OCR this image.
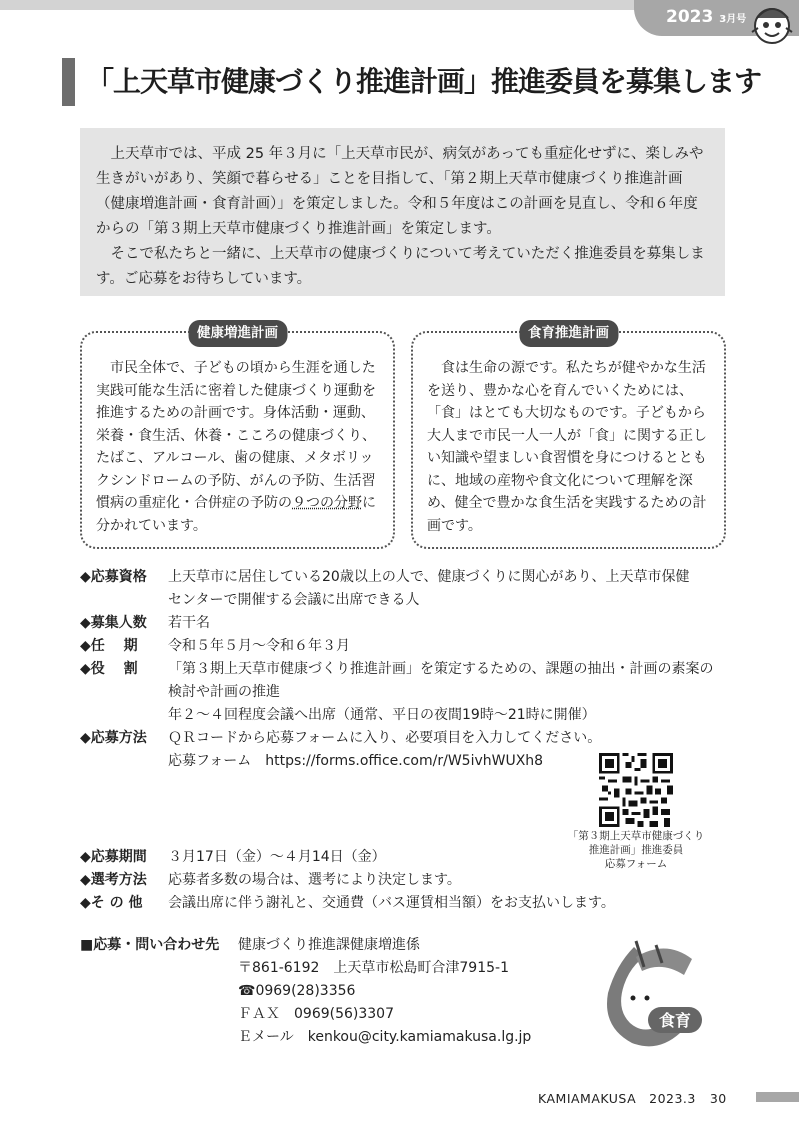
2023 3月号
「上天草市健康づくり推進計画」推進委員を募集します

上天草市では、平成 25 年３月に「上天草市民が、病気があっても重症化せずに、楽しみや生きがいがあり、笑顔で暮らせる」ことを目指して、「第２期上天草市健康づくり推進計画（健康増進計画・食育計画）」を策定しました。令和５年度はこの計画を見直し、令和６年度からの「第３期上天草市健康づくり推進計画」を策定します。

そこで私たちと一緒に、上天草市の健康づくりについて考えていただく推進委員を募集します。ご応募をお待ちしています。

健康増進計画

市民全体で、子どもの頃から生涯を通した実践可能な生活に密着した健康づくり運動を推進するための計画です。身体活動・運動、栄養・食生活、休養・こころの健康づくり、たばこ、アルコール、歯の健康、メタボリックシンドロームの予防、がんの予防、生活習慣病の重症化・合併症の予防の９つの分野に分かれています。

食育推進計画

食は生命の源です。私たちが健やかな生活を送り、豊かな心を育んでいくためには、「食」はとても大切なものです。子どもから大人まで市民一人一人が「食」に関する正しい知識や望ましい食習慣を身につけるとともに、地域の産物や食文化について理解を深め、健全で豊かな食生活を実践するための計画です。

◆応募資格	上天草市に居住している20歳以上の人で、健康づくりに関心があり、上天草市保健
センターで開催する会議に出席できる人
◆募集人数	若干名
◆任　 期	令和５年５月～令和６年３月
◆役　 割	「第３期上天草市健康づくり推進計画」を策定するための、課題の抽出・計画の素案の
検討や計画の推進
年２～４回程度会議へ出席（通常、平日の夜間19時～21時に開催）
◆応募方法	ＱＲコードから応募フォームに入り、必要項目を入力してください。
応募フォーム　https://forms.office.com/r/W5ivhWUXh8
「第３期上天草市健康づくり
推進計画」推進委員
応募フォーム
◆応募期間	３月17日（金）～４月14日（金）
◆選考方法	応募者多数の場合は、選考により決定します。
◆そ の 他	会議出席に伴う謝礼と、交通費（バス運賃相当額）をお支払いします。
■応募・問い合わせ先	健康づくり推進課健康増進係
〒861-6192　上天草市松島町合津7915-1
☎0969(28)3356
ＦＡＸ　0969(56)3307
Ｅメール　kenkou@city.kamiamakusa.lg.jp
食育
KAMIAMAKUSA　2023.3 30
